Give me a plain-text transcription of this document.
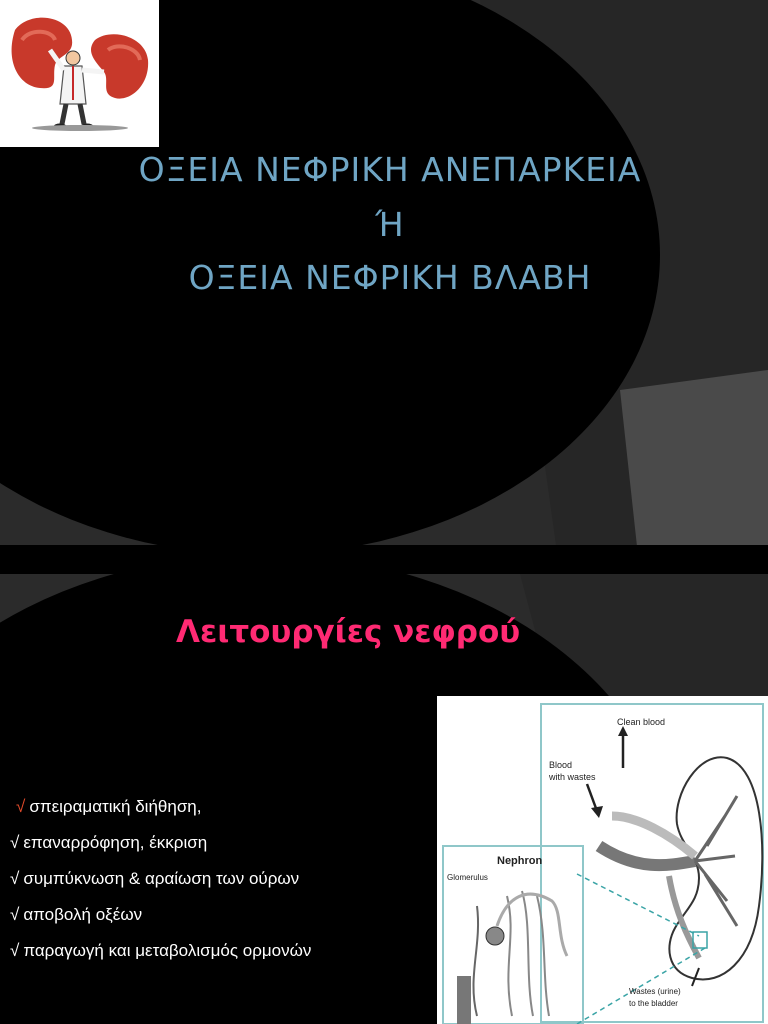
ΟΞΕΙΑ ΝΕΦΡΙΚΗ ΑΝΕΠΑΡΚΕΙΑ
Ή
ΟΞΕΙΑ ΝΕΦΡΙΚΗ ΒΛΑΒΗ
Λειτουργίες νεφρού
√ σπειραματική διήθηση,
√ επαναρρόφηση, έκκριση
√ συμπύκνωση & αραίωση των ούρων
√ αποβολή οξέων
√ παραγωγή και μεταβολισμός ορμονών
Clean blood
Blood
with wastes
Nephron
Glomerulus
Wastes (urine)
to the bladder
